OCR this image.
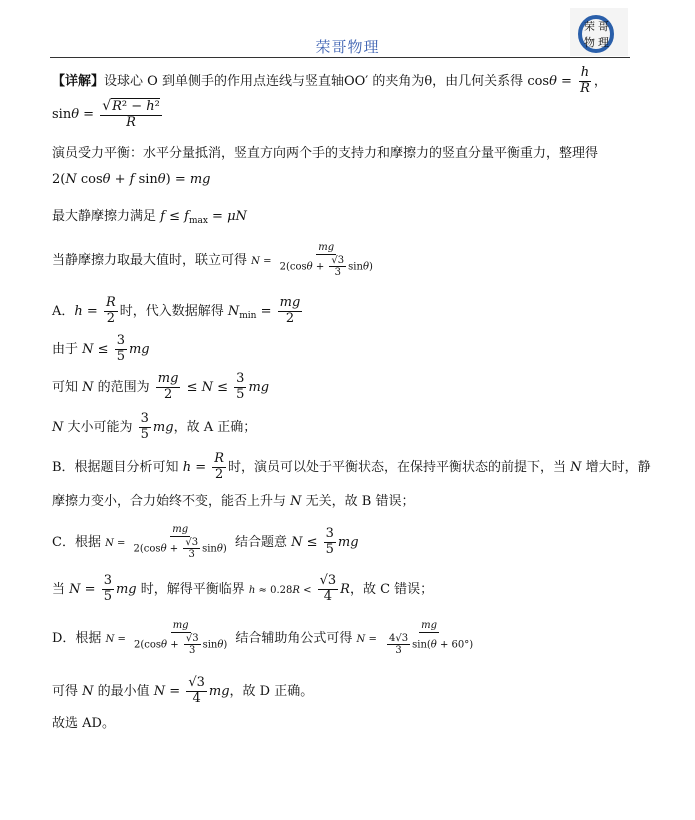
荣哥物理
荣 哥
物 理
【详解】设球心 O 到单侧手的作用点连线与竖直轴OO′ 的夹角为θ，由几何关系得 $\cos\theta = \frac{h}{R}$ ，
$\sin\theta = \frac{\text{√R² − h²}}{R}$
演员受力平衡：水平分量抵消，竖直方向两个手的支持力和摩擦力的竖直分量平衡重力，整理得
2(N cosθ + f sinθ) = mg
最大静摩擦力满足 $f \le f_{max} = \mu N$
当静摩擦力取最大值时，联立可得 $N = \frac{mg}{2(\cos\theta + \frac{√3}{3} \sin\theta)}$
A．$h = \frac{R}{2}$ 时，代入数据解得 $N_{min} = \frac{mg}{2}$
由于 $N \le \frac{3}{5}$ mg
可知 N 的范围为 $\frac{mg}{2} \le N \le \frac{3}{5}$ mg
N 大小可能为 $\frac{3}{5}$ mg，故 A 正确；
B．根据题目分析可知 $h = \frac{R}{2}$ 时，演员可以处于平衡状态，在保持平衡状态的前提下，当 N 增大时，静
摩擦力变小，合力始终不变，能否上升与 N 无关，故 B 错误；
C．根据 $N = \frac{mg}{2(\cos\theta + \frac{√3}{3} \sin\theta)}$ 结合题意 $N \le \frac{3}{5}$ mg
当 $N = \frac{3}{5}$ mg 时，解得平衡临界 $h \approx 0.28R < \frac{√3}{4}$ R，故 C 错误；
D．根据 $N = \frac{mg}{2(\cos\theta + \frac{√3}{3} \sin\theta)}$ 结合辅助角公式可得 $N = \frac{mg}{\frac{4√3}{3} \sin(\theta + 60^\circ)}$
可得 N 的最小值 $N = \frac{√3}{4}$ mg，故 D 正确。
故选 AD。
